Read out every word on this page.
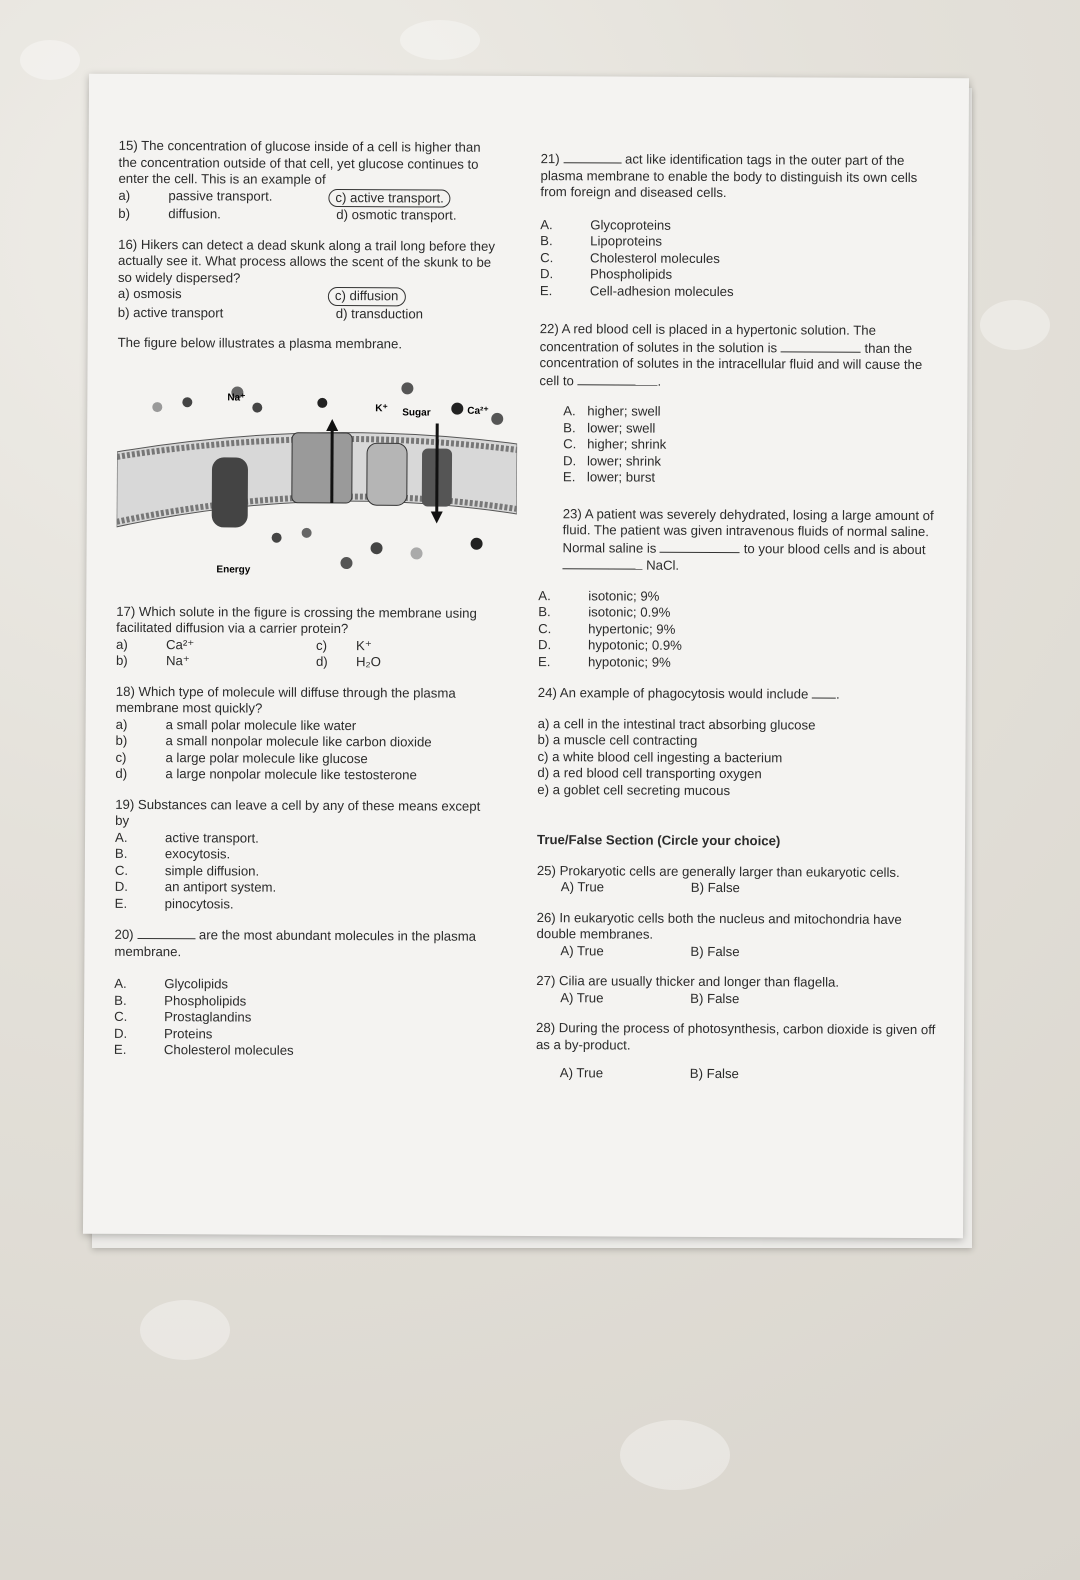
15) The concentration of glucose inside of a cell is higher than the concentration outside of that cell, yet glucose continues to enter the cell. This is an example of

a)	passive transport.	c) active transport.
b)	diffusion.	d) osmotic transport.

16) Hikers can detect a dead skunk along a trail long before they actually see it. What process allows the scent of the skunk to be so widely dispersed?

a) osmosis	c) diffusion
b) active transport	d) transduction

The figure below illustrates a plasma membrane.

Na⁺
K⁺ Sugar	Ca²⁺
Energy

17) Which solute in the figure is crossing the membrane using facilitated diffusion via a carrier protein?

a)	Ca²⁺	c)	K⁺
b)	Na⁺	d)	H₂O

18) Which type of molecule will diffuse through the plasma membrane most quickly?

a)	a small polar molecule like water
b)	a small nonpolar molecule like carbon dioxide
c)	a large polar molecule like glucose
d)	a large nonpolar molecule like testosterone

19) Substances can leave a cell by any of these means except by

A.	active transport.
B.	exocytosis.
C.	simple diffusion.
D.	an antiport system.
E.	pinocytosis.

20)	are the most abundant molecules in the plasma membrane.

A.	Glycolipids
B.	Phospholipids
C.	Prostaglandins
D.	Proteins
E.	Cholesterol molecules

21)	act like identification tags in the outer part of the plasma membrane to enable the body to distinguish its own cells from foreign and diseased cells.

A.	Glycoproteins
B.	Lipoproteins
C.	Cholesterol molecules
D.	Phospholipids
E.	Cell-adhesion molecules

22) A red blood cell is placed in a hypertonic solution. The concentration of solutes in the solution is	than the concentration of solutes in the intracellular fluid and will cause the cell to	.

A. higher; swell
B. lower; swell
C. higher; shrink
D. lower; shrink
E. lower; burst

23) A patient was severely dehydrated, losing a large amount of fluid. The patient was given intravenous fluids of normal saline. Normal saline is	to your blood cells and is about  NaCl.

A.	isotonic; 9%
B.	isotonic; 0.9%
C.	hypertonic; 9%
D.	hypotonic; 0.9%
E.	hypotonic; 9%

24) An example of phagocytosis would include .

a) a cell in the intestinal tract absorbing glucose

b) a muscle cell contracting

c) a white blood cell ingesting a bacterium

d) a red blood cell transporting oxygen

e) a goblet cell secreting mucous

True/False Section (Circle your choice)

25) Prokaryotic cells are generally larger than eukaryotic cells.

A) True	B) False

26) In eukaryotic cells both the nucleus and mitochondria have double membranes.

A) True	B) False

27) Cilia are usually thicker and longer than flagella.

A) True	B) False

28) During the process of photosynthesis, carbon dioxide is given off as a by-product.

A) True	B) False
